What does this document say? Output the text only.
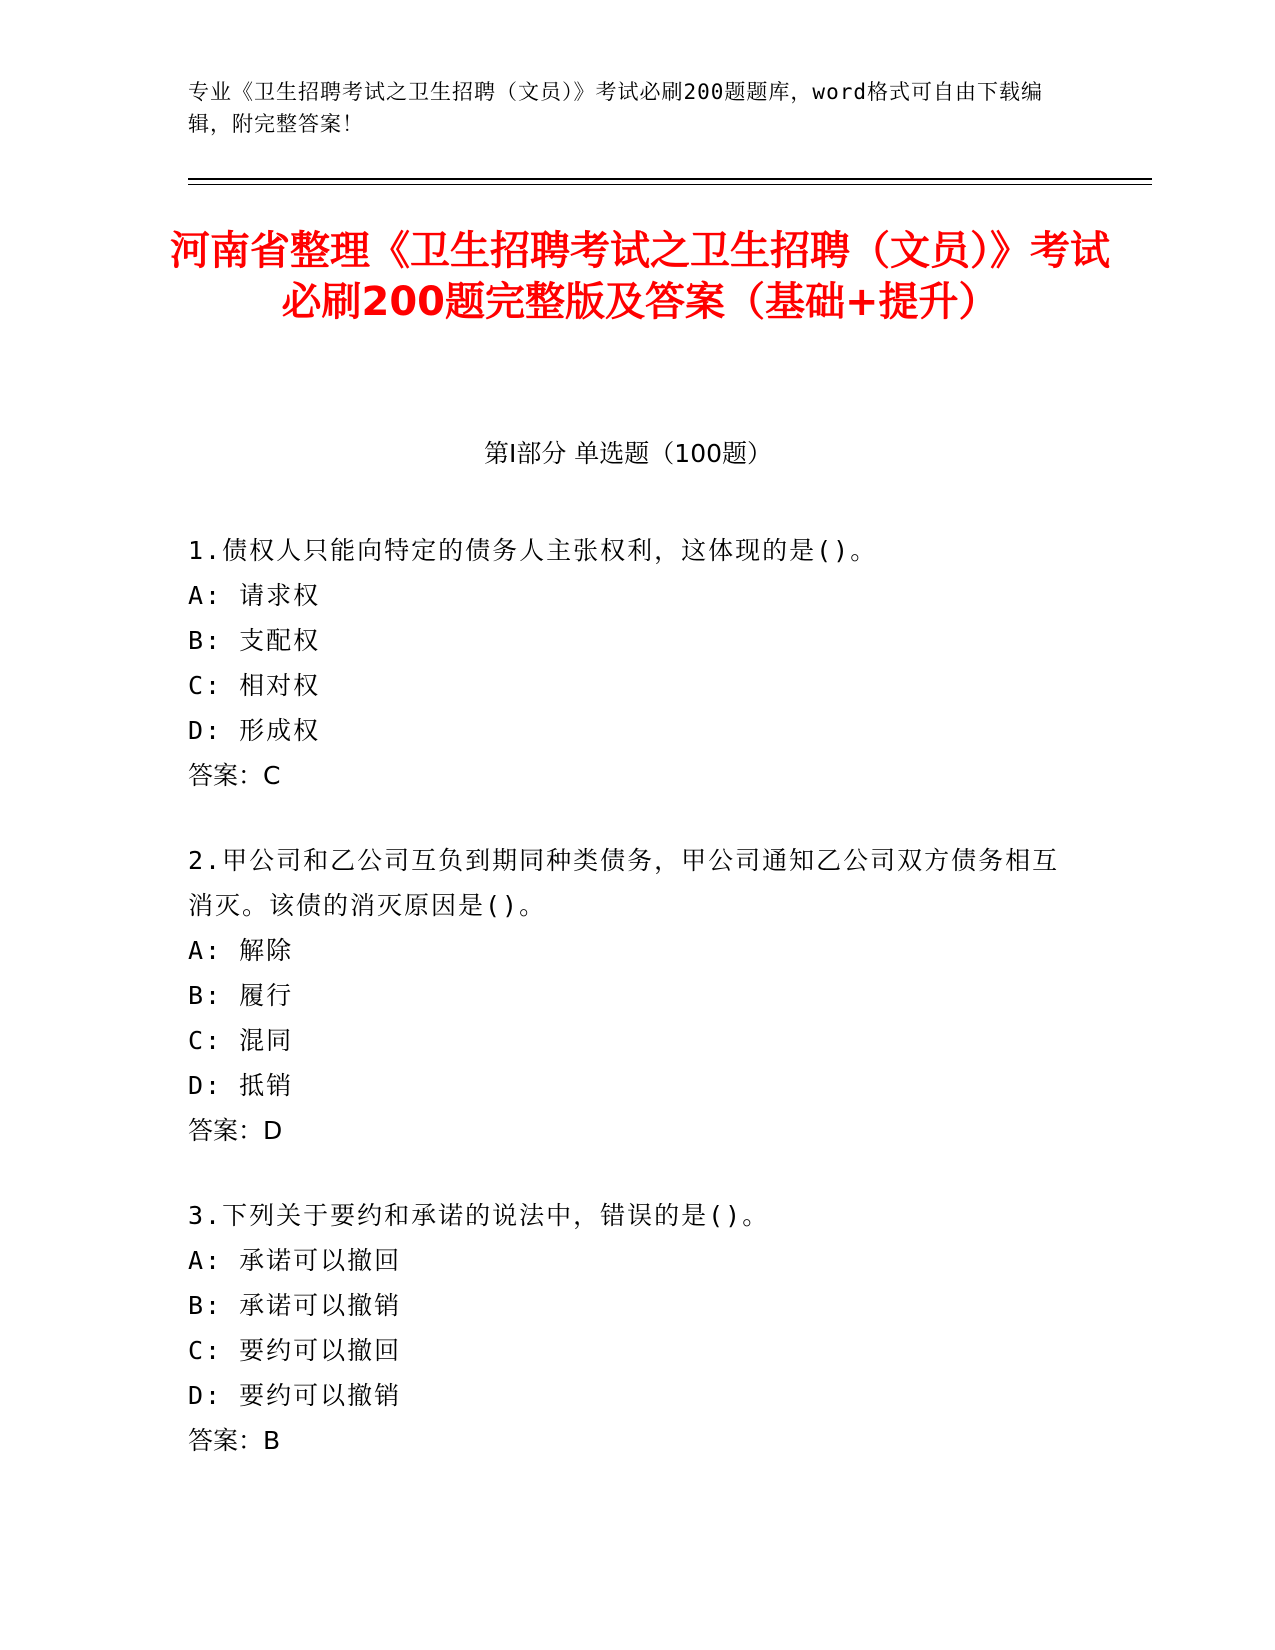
专业《卫生招聘考试之卫生招聘（文员）》考试必刷200题题库，word格式可自由下载编辑，附完整答案！
河南省整理《卫生招聘考试之卫生招聘（文员）》考试必刷200题完整版及答案（基础+提升）
第Ⅰ部分 单选题（100题）
1.债权人只能向特定的债务人主张权利，这体现的是()。
A: 请求权
B: 支配权
C: 相对权
D: 形成权
答案：C
2.甲公司和乙公司互负到期同种类债务，甲公司通知乙公司双方债务相互消灭。该债的消灭原因是()。
A: 解除
B: 履行
C: 混同
D: 抵销
答案：D
3.下列关于要约和承诺的说法中，错误的是()。
A: 承诺可以撤回
B: 承诺可以撤销
C: 要约可以撤回
D: 要约可以撤销
答案：B
